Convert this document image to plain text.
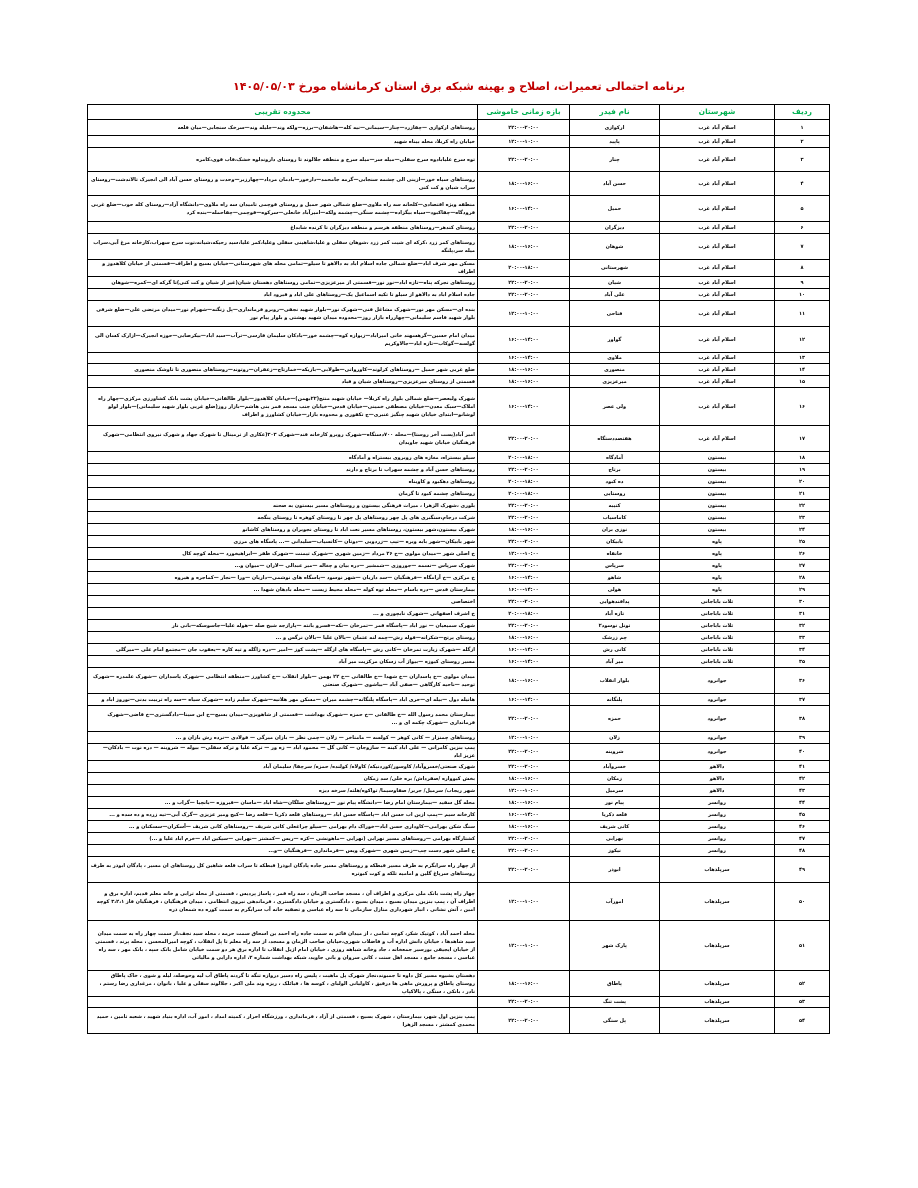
برنامه احتمالی تعمیرات، اصلاح و بهینه شبکه برق استان کرمانشاه مورخ ۱۴۰۵/۰۵/۰۳
ردیف	شهرستان	نام فیدر	بازه زمانی خاموشی	محدوده تقریبی
۱	اسلام آباد غرب	ارکوازی	۲۲:۰۰-۲۰:۰۰	روستاهای ارکوازی —چقازرد—چنار—سیمانی—نیه کله—هاشفان—برزه—ولکه وند—جلیله وند—سرخک سنجابی—میان قلعه
۲	اسلام آباد غرب	پاپید	۱۲:۰۰-۱۰:۰۰	خیابان راه کربلا، محله بیناه شهید
۳	اسلام آباد غرب	چنار	۲۲:۰۰-۲۰:۰۰	توه سرخ علیابادوه سرخ سفلی—میله سر—میله سرخ و منطقه جلالوند تا روستای داروندلوه خشک،قاب قوی،کامره
۴	اسلام آباد غرب	حسن آباد	۱۸:۰۰-۱۶:۰۰	روستاهای سیاه خور—ازینی الی چشمه سنجابی—گرمه جامحمد—دارخور—بادمان مرداد—چهارزبر—وحدت و روستای حسن آباد الی انجیرک تالاندشت—روستای سراب شیان و کت کنی
۵	اسلام آباد غرب	حمیل	۱۶:۰۰-۱۴:۰۰	منطقه ویژه اقتصادی—کلحانه سه راه ملاوی—ضلع شمالی شهر حمیل و روستای قوچمی تامیدان سه راه ملاوی—دانشگاه آزاد—روستای کله حوب—ضلع غربی فرودگاه—چقاکبود—سیاه بیگزاده—چشمه سنگی—چشمه ولکه—امیرآباد خانعلی—سرکوه—قوچمی—چقاحمله—بنده کرد
۶	اسلام آباد غرب	دیزگران	۲۲:۰۰-۲۰:۰۰	روستای کندهر—روستاهای منطقه هرسم و منطقه دیزگران تا کرنده شابداغ
۷	اسلام آباد غرب	شوهان	۱۸:۰۰-۱۶:۰۰	روستاهای کمر زرد ،کرکه ای شیت کمر زرد ،شوهان سفلی و علیا،شاهینی سفلی وعلیا،کمر علیا،سید رحیکه،شیانه،توت سرخ سهراب،کارخانه مرغ آبی،سراب میله سر،پلنگه
۸	اسلام آباد غرب	شهرستانی	۲۰:۰۰-۱۸:۰۰	مسکن مهر شرف اباد—ضلع شمالی جاده اسلام اباد به دالاهو تا سیلو—تمامی محله های شهرستانی—خیابان بسیج و اطراف—قسمتی از خیابان کلاهدوز و اطراف
۹	اسلام آباد غرب	شیان	۲۲:۰۰-۲۰:۰۰	روستاهای نجرکه پناه—تازه اباد—نور نور—قسمتی از میرعزیزی—تمامی روستاهای دهستان شیان(غیر از شیان و کت کنی)تا گرکه ای—کمره—شوهان
۱۰	اسلام آباد غرب	علی آباد	۲۲:۰۰-۲۰:۰۰	جاده اسلام اباد به دالاهو از سیلو تا تکیه اسماعیل یک—روستاهای علی اباد و قیرود اباد
۱۱	اسلام آباد غرب	فتاحی	۱۲:۰۰-۱۰:۰۰	بنده ای—مسکن مهر نور—شهرک مشاغل فنی—شهرک نور—بلوار شهید نجفی—روبرو فرمانداری—پل زنگنه—شهرام نور—میدان مرتضی علی—ضلع شرقی بلوار شهید قاسم سلیمانی—چهارراه بازار روز—محدوده میدان شهید بهشتی و بلوار پیام نور
۱۲	اسلام آباد غرب	گواور	۱۶:۰۰-۱۴:۰۰	میدان امام حسین—گرهسهند خانی امیراباد—زیوازه کوه—چشمه خور—بادکان سلیمان فارسی—ترآب—سید اباد—بیکرصابی—حوزه انجیرک—ازارک کسان الی گولسه—گوکاب—تازه اباد—جالاوکریم
۱۳	اسلام آباد غرب	ملاوی	۱۶:۰۰-۱۴:۰۰	
۱۴	اسلام آباد غرب	منصوری	۱۸:۰۰-۱۶:۰۰	ضلع غربی شهر حمیل —روستاهای کرلوند—کاورواتی—طولابی—بازیکه—خمارتاج—زعفران—روتوند—روستاهای منصوری تا تاوشک منصوری
۱۵	اسلام آباد غرب	میرعزیزی	۱۸:۰۰-۱۶:۰۰	قسمتی از روستای میرعزیزی—روستاهای شیان و قباد
۱۶	اسلام آباد غرب	ولی عصر	۱۶:۰۰-۱۴:۰۰	شهرک ولیعصر—ضلع شمالی بلوار راه کربلا— خیابان شهید منتج(۲۲بهمن)—خیابان کلاهدوز—بلوار طالقانی—خیابان پشت بانک کشاورزی مرکزی—چهار راه املاک—سبک معدن—خیابان مصطفی خمینی—خیابان قدس—خیابان جنب مسجد قمر بنی هاشم—بازار روز(ضلع غربی بلوار شهید سلیمانی)—بلوار لولو لوشانو—ابتدای خیابان شهید چنگیز عنبری—ج تکفوری و محدوده بازار—خیابان کشاورز و اطراف
۱۷	اسلام آباد غرب	هفتصددستگاه	۲۲:۰۰-۲۰:۰۰	امیر آباد(پست آخر روستا)—محله ۷۰۰دستگاه—شهرک روبرو کارخانه قند—شهرک ۳۰۳(عکاری از ترمینال تا شهرک جهاد و شهرک نیروی انتظامی—شهرک فرهنگیان خیابان شهید جاویدان
۱۸	بیستون	آمادگاه	۲۰:۰۰-۱۸:۰۰	سیلو بیستراه، مغازه های روبروی بیستراه و آمادگاه
۱۹	بیستون	برتاج	۲۲:۰۰-۲۰:۰۰	روستاهای حسن آباد و چشمه سهراب تا برتاج و دارند
۲۰	بیستون	ده کبود	۲۰:۰۰-۱۸:۰۰	روستاهای دهکبود و کاویناه
۲۱	بیستون	روستایی	۲۰:۰۰-۱۸:۰۰	روستاهای چشمه کبود تا گرمان
۲۲	بیستون	کتیبه	۲۲:۰۰-۲۰:۰۰	بلوری ،شهرک الزهرا ، میراث فرهنگی بیستون و روستاهای مسیر بیستون به صحنه
۲۳	بیستون	کاماسیاب	۲۲:۰۰-۲۰:۰۰	شرکت درجام،سنگبری های پل چهر روستاهای پل چهر تا روستای کوهره تا روستای ینگجه
۲۴	بیستون	نوزی بران	۱۸:۰۰-۱۶:۰۰	شهرک بیستون،شهر بیستون، روستاهای مسیر نعت اباد تا روستای نجوبران و روستاهای کاشانو
۲۵	پاوه	بابیکان	۲۲:۰۰-۲۰:۰۰	شهر بابیکان—شهر بابه ویره —تیپ —زردویی —دوتان —کاتسیاب—سلیدانی —... پاسگاه های مرزی
۲۶	پاوه	خانقاه	۱۲:۰۰-۱۰:۰۰	خ اصلی شهر —میدان مولوی —خ ۲۶ مرداد —زمین شهری —شهرک تیمنت —شهرک ظفر —ابراهیخورد —محله کوچه کال
۲۷	پاوه	سرپاس	۲۲:۰۰-۲۰:۰۰	شهرک سرپاس —نسمه —جوروزی —شمشیر —دره بیان و چغاله —میر عبدالی —لاران —میوان و...
۲۸	پاوه	شاهو	۱۶:۰۰-۱۴:۰۰	خ مرکزی —خ آرامگاه —فرهنگیان —سد داریان —شهر نوسود —پاسگاه های نوشمی—داریان —ورا —نجار —کماجره و هیروه
۲۹	پاوه	هولی	۱۶:۰۰-۱۴:۰۰	بیمارستان قدس —دره باسام —محله توه کوله —محله محیط زیست —محله بادهان شهدا ...
۳۰	ثلاث باباجانی	پدافندهوایی	۲۲:۰۰-۲۰:۰۰	اختصاصی
۳۱	ثلاث باباجانی	تازه آباد	۲۰:۰۰-۱۸:۰۰	خ اشرف اصفهانی —شهرک نابچوری و ...
۳۲	ثلاث باباجانی	تونل نوسود۲	۲۲:۰۰-۲۰:۰۰	شهرک سمیعیان — نور اباد —پاسگاه قمر —تمرخان —نکه—قسرو بانته —پارازجه شیخ صله —هوله علیا—جاسوسکه—بانی نار
۳۳	ثلاث باباجانی	چم زرشک	۱۸:۰۰-۱۶:۰۰	روستای پرتج—شکرانه—فوله رش—چمه لنه عثمان —بالان علیا —بالان نرگس و ...
۳۴	ثلاث باباجانی	کانی رش	۱۶:۰۰-۱۴:۰۰	ازگله —شهرک زیارت تمرخان —کانی رش —پاسگاه های ازگله —پشت کوز —امیر —دره زاگله و تپه کاره —یعقوب جان —مجتمع امام علی —میرگلی
۳۵	ثلاث باباجانی	میر آباد	۱۶:۰۰-۱۴:۰۰	مسیر روستای کیوزه —بیواژ آب زسکان مرکزیت میر آباد
۳۶	جوانرود	بلوار انقلاب	۱۸:۰۰-۱۶:۰۰	میدان مولوی —خ پاسداران —خ شهدا —خ طالقانی —خ ۲۲ بهمن —بلوار انقلاب —خ کشاورز —منطقه انتظامی —شهرک پاسداران —شهرک علمدره —شهرک توحید —ناحیه کارگاهی —صفی آباد —بیاشوی —شهرک صنعتی
۳۷	جوانرود	پلنگانه	۱۶:۰۰-۱۴:۰۰	هانیله دول —بیله ای—حری اباد —پاسگاه پلنگانه—چشمه میران —مسکن مهر هلانیه—شهرک سلیم زاده —شهرک سیاه —سه راه تربیت بدنی—نوروز اباد و
۳۸	جوانرود	حمزه	۲۲:۰۰-۲۰:۰۰	بیمارستان محمد رسول الله —خ طالقانی —خ حمزه —شهرک بهداشت —قسمتی از شاهوبزی—میدان بسیج—خ ابن سینا—دادگستری—خ قاضی—شهرک فرمانداری —شهرک چکمه ای و ...
۳۹	جوانرود	زلان	۱۲:۰۰-۱۰:۰۰	روستاهای چمنزار — کانی کوهر — کولسه — مامناخر — زلان —چمی نظر — بازان میرگی — فولادی —نرده رش بازان و ...
۴۰	جوانرود	شروینه	۲۲:۰۰-۲۰:۰۰	پمپ بنزین کامرانی — علی اباد کینه — سازوجان — کانی گل — محمود اباد — زه ور — ترکه علیا و ترکه سفلی— بیوله — شروینه — دره نوت — باذکان— عزیز اباد
۴۱	دالاهو	خسروآباد	۲۲:۰۰-۲۰:۰۰	شهرک صنعتی/خسروآباد/ کاوسور/کوردنیکه/ کاولاه/ کولنده/ حمزه/ سرچقا/ سلیمان آباد
۴۲	دالاهو	زمکان	۱۸:۰۰-۱۶:۰۰	بخش کیوواره /صفرداش/ بره خلی/ سد زمکان
۴۳	دالاهو	سرمیل	۱۲:۰۰-۱۰:۰۰	شهر ریجاب/ سرمیل/ جریر/ صفاوسیما/ تواکوه/هلته/ سرخه دیزه
۴۴	روانسر	پیام نور	۱۸:۰۰-۱۶:۰۰	محله گل سفید —بیمارستان امام رضا —دانشگاه پیام نور —روستاهای سلگان—شاه اباد —ماسان —قیروزه —بانچیا —گراب و ...
۴۵	روانسر	قلعه ذکریا	۱۶:۰۰-۱۴:۰۰	کارخانه سیم —پمپ ازین اب حسن اباد —پاسگاه حسن اباد —روستاهای قلعه ذکریا —قلعه رضا —کیچ ومیر عزیزی —گرک آبی—تیه زرده و ده سده و ...
۴۶	روانسر	کانی شریف	۱۸:۰۰-۱۶:۰۰	سنگ شکن بهرامی—کاوداری حسن اباد—خوراک دام بهرامی —سیلو چراغعلی کانی شریف —روستاهای کانی شریف —آسکران—سسکنان و ...
۴۷	روانسر	نهرابی	۲۲:۰۰-۲۰:۰۰	کشتارگاه بهرامی —روستاهای مسیر نهرابی (نهرابی —ماهونشی —کزه —ریس —کمشتر —نهرابی —سیکین اباد —خرم اباد علیا و ...)
۴۸	روانسر	نیکوز	۲۲:۰۰-۲۰:۰۰	خ اصلی شهر دست چپ—زمین شهری —شهرک ویس —قرمانداری —فرهنگیان —و...
۴۹	سرپلذهاب	ابوذر	۲۲:۰۰-۲۰:۰۰	از چهار راه سرابگرم به طرف مسیر قبطکه و روستاهای مسیر جاده پادگان ابوذر( قبطکه تا سراب قلعه شاهین کل روستاهای ان مسیر ، پادگان ابوذر به طرف روستاهای سرپاغ گلین و امامیه تلکه و کوت کبوتره
۵۰	سرپلذهاب	امورآب	۱۲:۰۰-۱۰:۰۰	چهار راه پشت بانک ملی مرکزی و اطراف آن ، مسجد صاحب الزمان ، سه راه قمر ، پاساژ پردیس ، قسمتی از محله ترابی و خانه معلم قدیم، اداره برق و اطراف آن ، پمپ بنزین میدان بسیج ، میدان بسیج ، دادگستری و خیابان دادگستری ، فرماندهی نیروی انتظامی ، میدان فرهنگیان ، فرهنگیان فاز ۳،۲،۱ کوچه امین ، آتش نشانی ، انبار شهرداری منازل سازمانی تا سه راه عباسی و تصفیه خانه آب سرابگرم به سمت کوره ده شمعان ذره
۵۱	سرپلذهاب	پارک شهر	۱۲:۰۰-۱۰:۰۰	محله احمد آباد ، کوتیک شکر، کوچه تمامی ، از میدان قائم به سمت جاده راه احمد بن اسحاق سمت حرمه ، محله سید نجف،از سمت چهار راه به سمت میدان سید شاهدها ، خیابان دانش اداره آب و فاضلاب شهری،خیابان صاحب الزمان و مسجد، از سه راه معلم تا پل انقلاب ، کوچه امیرالمحسن ، محله پرند ، قسمتی از خیابان ایجیقی بورسیر جمعخانه ، جاد وخانه شباهه روزی ، خیابان امام اژیل انقلاب تا اداره برق هر دو سمت خیابان شامل بانک سپه ، بانک مهر ، سه راه عباسی ، مسجد جامع ، مسجد اهل سنت ، کانی سروان و بانی جاوید، شبکه بهداشت شماره ۲، اداره دارایی و مالیاتی
۵۲	سرپلذهاب	پاطاق	۱۸:۰۰-۱۶:۰۰	دهستان بشیوه مسیر کل داوه تا جمبوند،نجار شهرک پل ماهیت ، پلیس راه دسیر دروازه تنگه تا گردنه پاطاق آب لیه وحوصله، لیله و شوی ، خاک پاطاق روستای پاطاق و پرورش ماهی ها درقیق ، کاولیانی الولبای ، کوسه ها ، قبائلک ، ریزه وند ملی اکبر ، جلالوند سفلی و علیا ، بانوان ، مرغداری رضا رستم ، نادر ، بانکی ، سنگی ، پالاکپاپ
۵۳	سرپلذهاب	پشت تنگ	۲۲:۰۰-۲۰:۰۰	
۵۴	سرپلذهاب	پل سنگی	۲۲:۰۰-۲۰:۰۰	پمپ بنزین اول شهر، بیمارستان ، شهرک بسیج ، قسمتی از آزاد ، فرمانداری ، ورزشگاه احرار ، کمیته امداد ، امور آب، اداره بنیاد شهید ، شعبه تامین ، حمید محمدی کمشتر ، مسجد الزهرا
